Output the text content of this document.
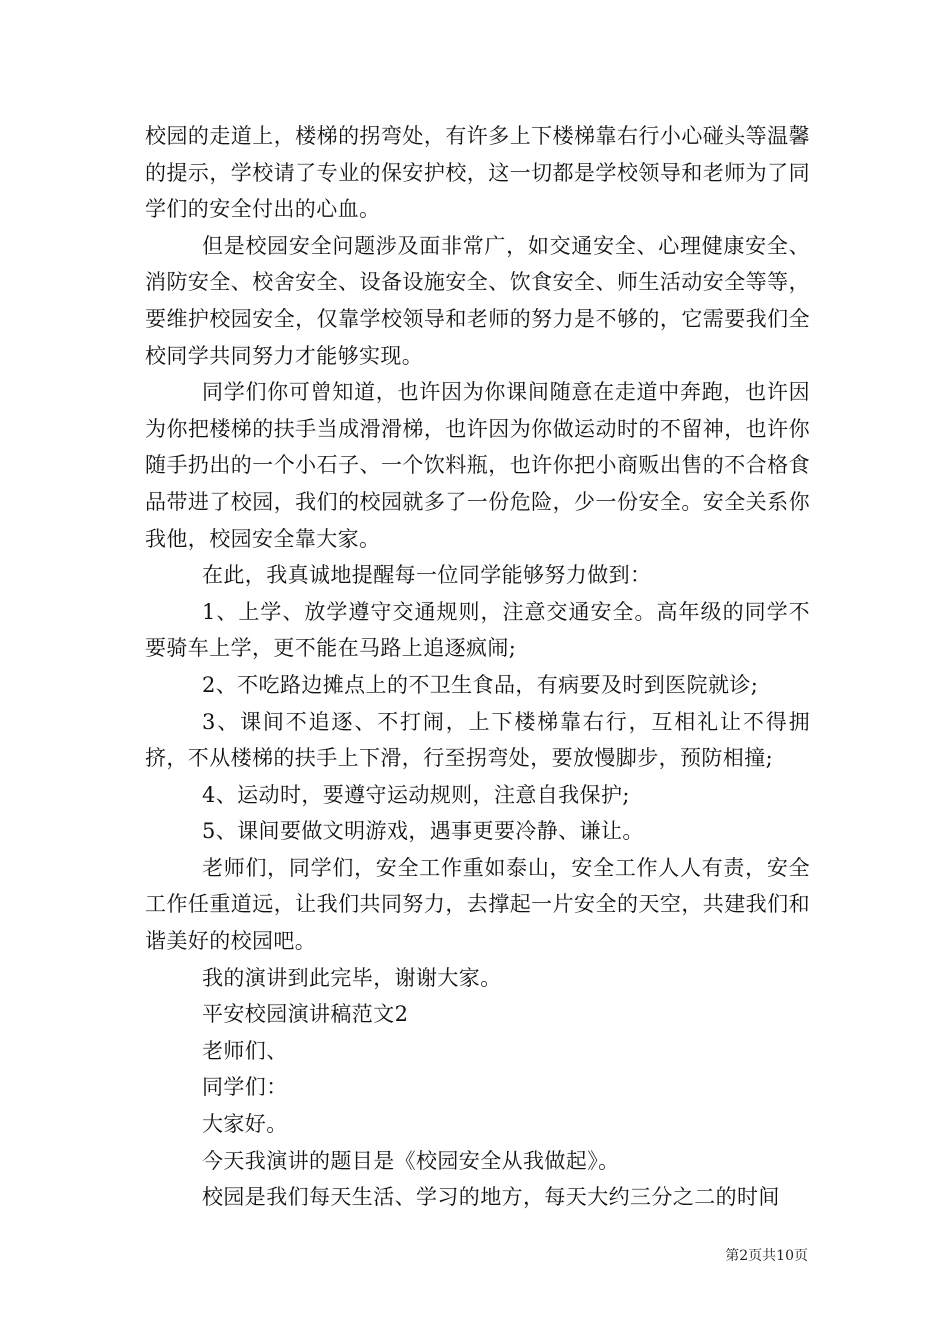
校园的走道上，楼梯的拐弯处，有许多上下楼梯靠右行小心碰头等温馨的提示，学校请了专业的保安护校，这一切都是学校领导和老师为了同学们的安全付出的心血。

但是校园安全问题涉及面非常广，如交通安全、心理健康安全、消防安全、校舍安全、设备设施安全、饮食安全、师生活动安全等等，要维护校园安全，仅靠学校领导和老师的努力是不够的，它需要我们全校同学共同努力才能够实现。

同学们你可曾知道，也许因为你课间随意在走道中奔跑，也许因为你把楼梯的扶手当成滑滑梯，也许因为你做运动时的不留神，也许你随手扔出的一个小石子、一个饮料瓶，也许你把小商贩出售的不合格食品带进了校园，我们的校园就多了一份危险，少一份安全。安全关系你我他，校园安全靠大家。

在此，我真诚地提醒每一位同学能够努力做到：

1、上学、放学遵守交通规则，注意交通安全。高年级的同学不要骑车上学，更不能在马路上追逐疯闹;

2、不吃路边摊点上的不卫生食品，有病要及时到医院就诊;

3、课间不追逐、不打闹，上下楼梯靠右行，互相礼让不得拥挤，不从楼梯的扶手上下滑，行至拐弯处，要放慢脚步，预防相撞;

4、运动时，要遵守运动规则，注意自我保护;

5、课间要做文明游戏，遇事更要冷静、谦让。

老师们，同学们，安全工作重如泰山，安全工作人人有责，安全工作任重道远，让我们共同努力，去撑起一片安全的天空，共建我们和谐美好的校园吧。

我的演讲到此完毕，谢谢大家。

平安校园演讲稿范文2

老师们、

同学们：

大家好。

今天我演讲的题目是《校园安全从我做起》。

校园是我们每天生活、学习的地方，每天大约三分之二的时间

第2页共10页
